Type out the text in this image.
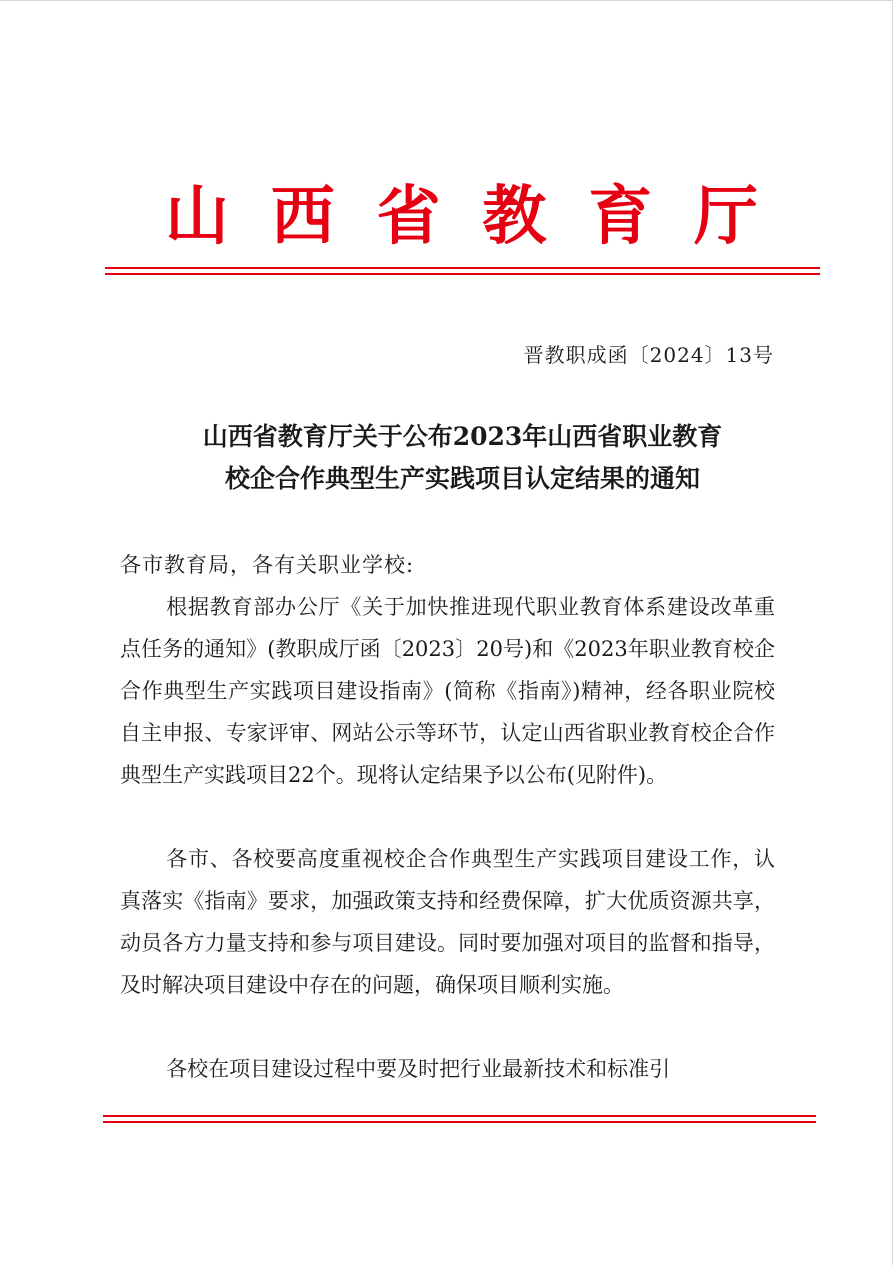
山 西 省 教 育 厅
晋教职成函〔2024〕13号
山西省教育厅关于公布2023年山西省职业教育
校企合作典型生产实践项目认定结果的通知
各市教育局，各有关职业学校:

根据教育部办公厅《关于加快推进现代职业教育体系建设改革重点任务的通知》(教职成厅函〔2023〕20号)和《2023年职业教育校企合作典型生产实践项目建设指南》(简称《指南》)精神，经各职业院校自主申报、专家评审、网站公示等环节，认定山西省职业教育校企合作典型生产实践项目22个。现将认定结果予以公布(见附件)。

各市、各校要高度重视校企合作典型生产实践项目建设工作，认真落实《指南》要求，加强政策支持和经费保障，扩大优质资源共享，动员各方力量支持和参与项目建设。同时要加强对项目的监督和指导，及时解决项目建设中存在的问题，确保项目顺利实施。

各校在项目建设过程中要及时把行业最新技术和标准引
